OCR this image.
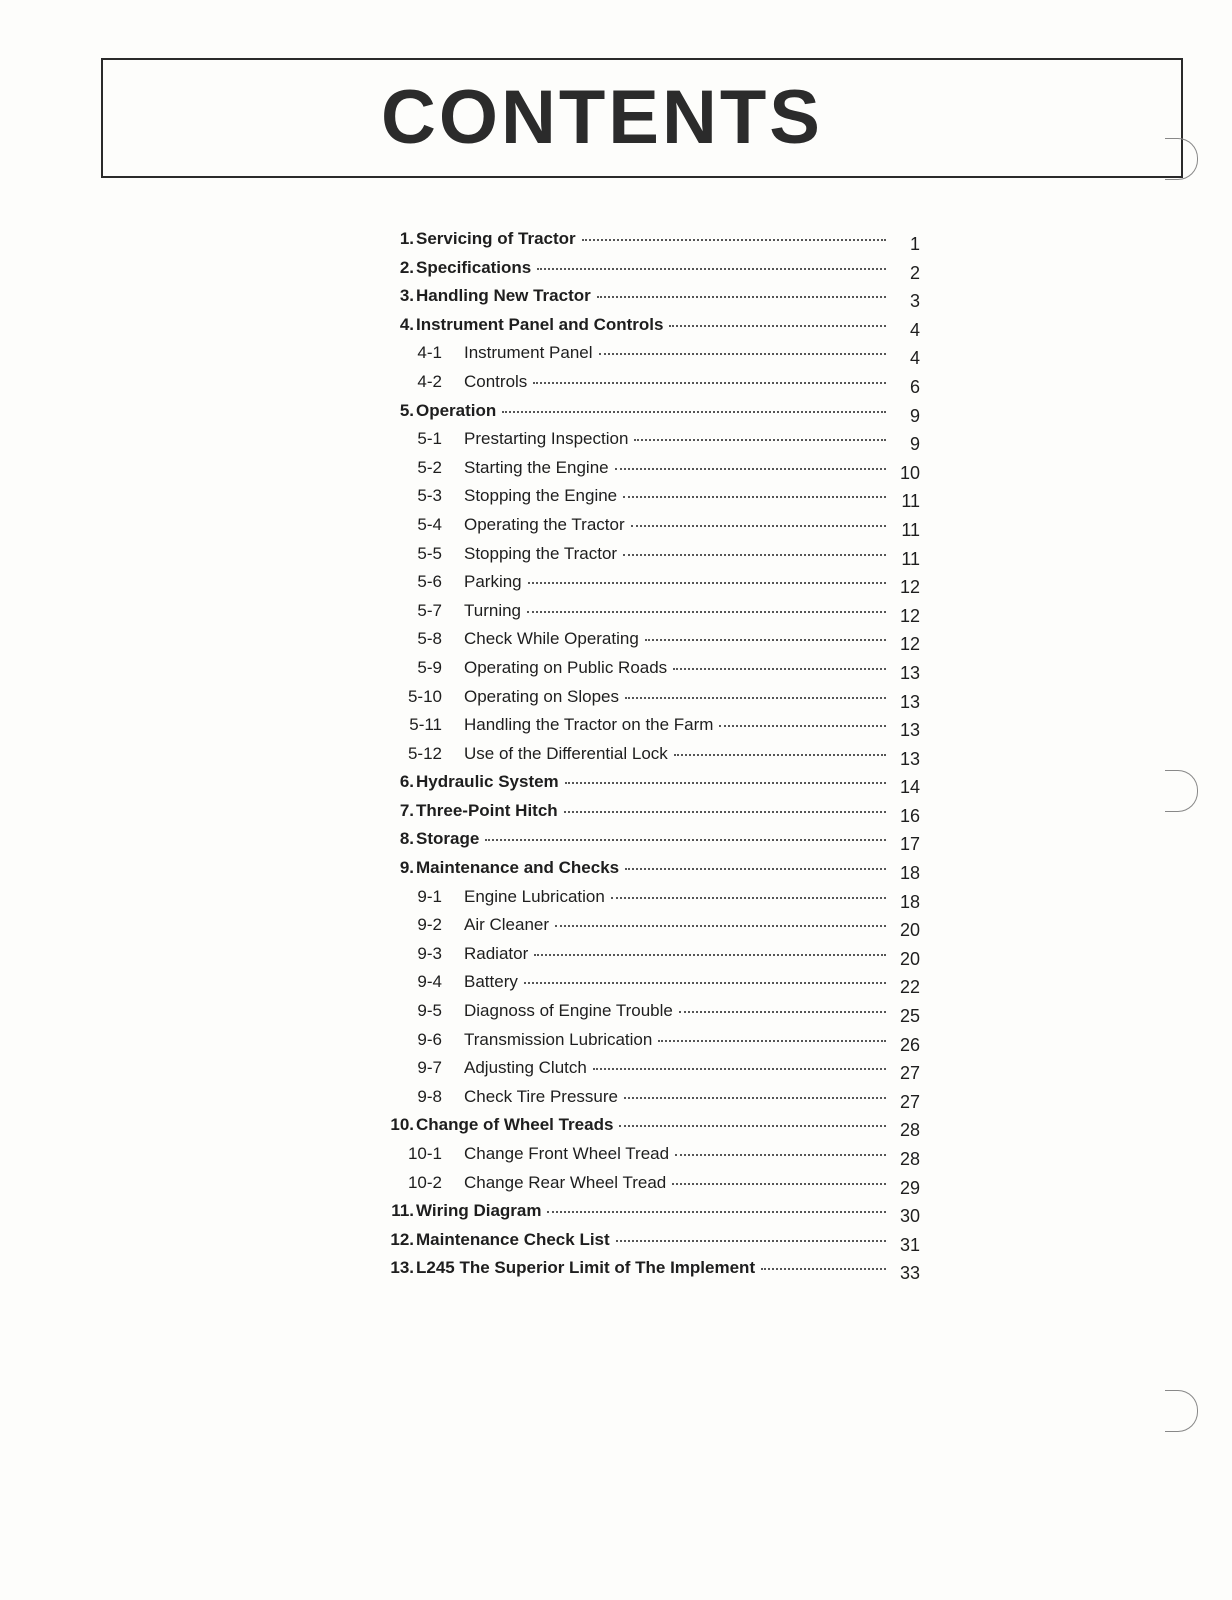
CONTENTS
1. Servicing of Tractor	1
2. Specifications	2
3. Handling New Tractor	3
4. Instrument Panel and Controls	4
4-1	Instrument Panel	4
4-2	Controls	6
5. Operation	9
5-1	Prestarting Inspection	9
5-2	Starting the Engine	10
5-3	Stopping the Engine	11
5-4	Operating the Tractor	11
5-5	Stopping the Tractor	11
5-6	Parking	12
5-7	Turning	12
5-8	Check While Operating	12
5-9	Operating on Public Roads	13
5-10	Operating on Slopes	13
5-11	Handling the Tractor on the Farm	13
5-12	Use of the Differential Lock	13
6. Hydraulic System	14
7. Three-Point Hitch	16
8. Storage	17
9. Maintenance and Checks	18
9-1	Engine Lubrication	18
9-2	Air Cleaner	20
9-3	Radiator	20
9-4	Battery	22
9-5	Diagnoss of Engine Trouble	25
9-6	Transmission Lubrication	26
9-7	Adjusting Clutch	27
9-8	Check Tire Pressure	27
10. Change of Wheel Treads	28
10-1	Change Front Wheel Tread	28
10-2	Change Rear Wheel Tread	29
11. Wiring Diagram	30
12. Maintenance Check List	31
13. L245 The Superior Limit of The Implement	33
